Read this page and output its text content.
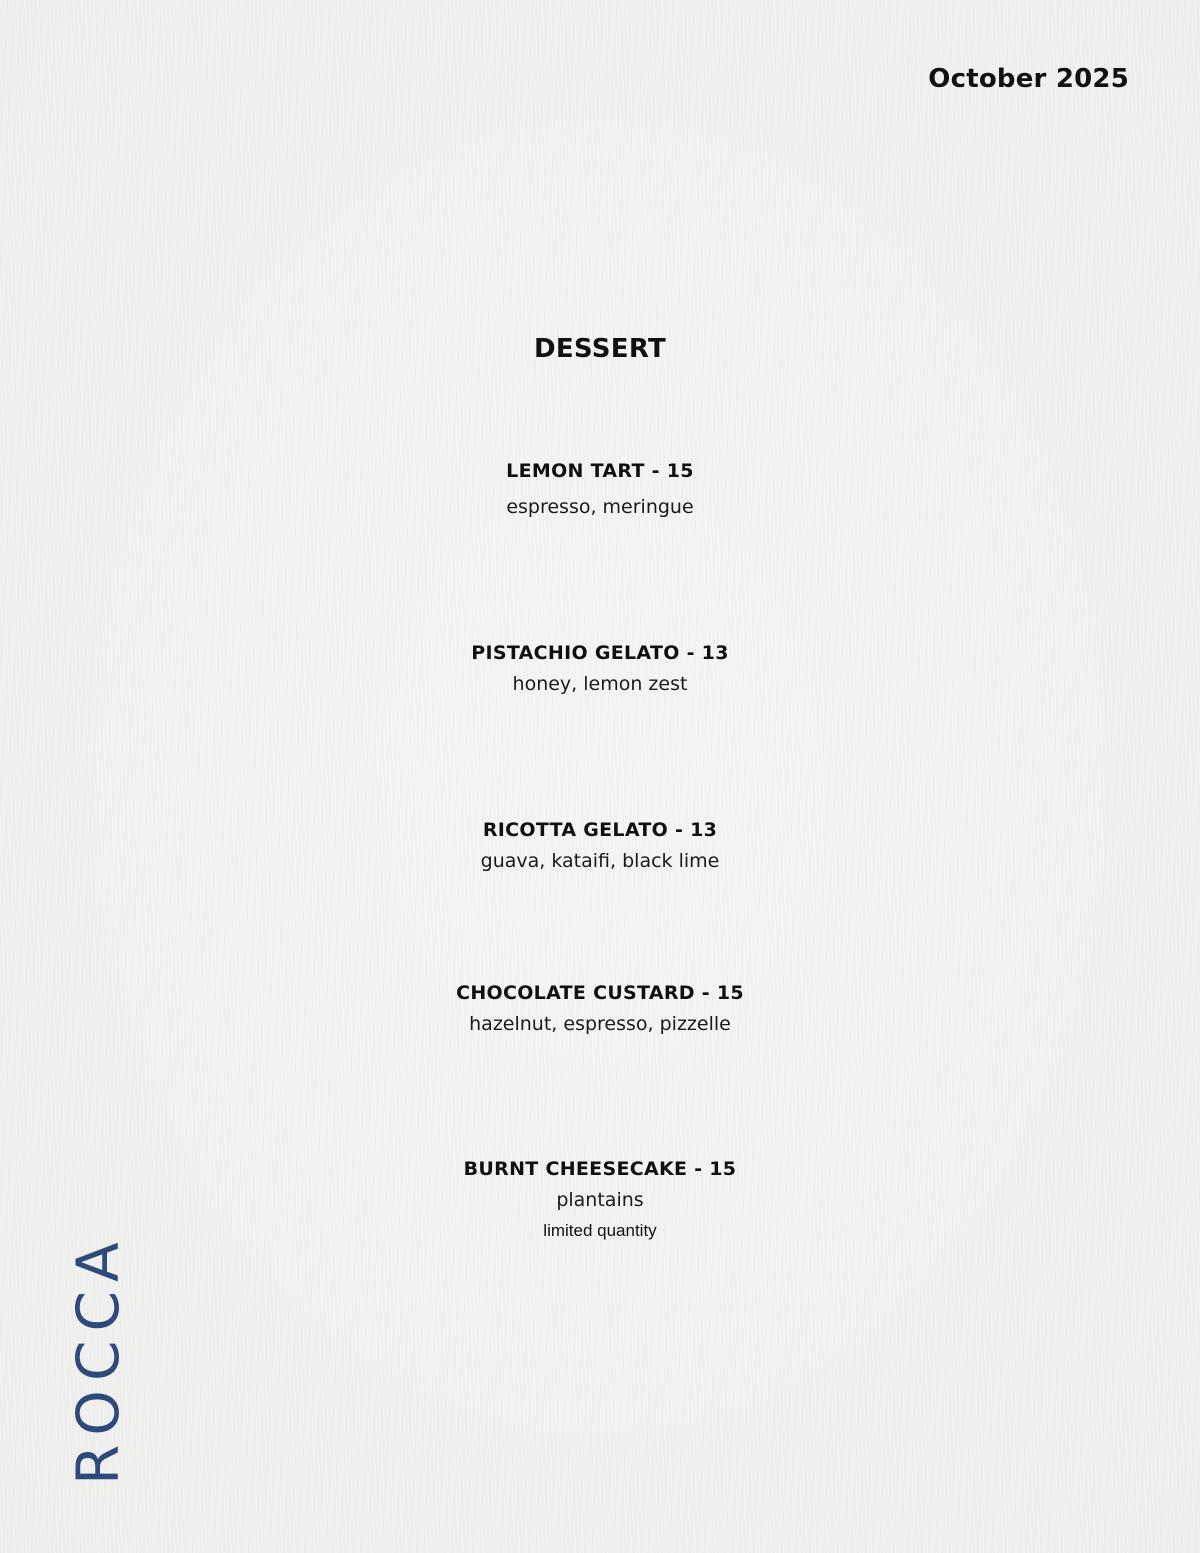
October 2025
DESSERT
LEMON TART - 15
espresso, meringue
PISTACHIO GELATO - 13
honey, lemon zest
RICOTTA GELATO - 13
guava, kataifi, black lime
CHOCOLATE CUSTARD - 15
hazelnut, espresso, pizzelle
BURNT CHEESECAKE - 15
plantains
limited quantity
ROCCA
